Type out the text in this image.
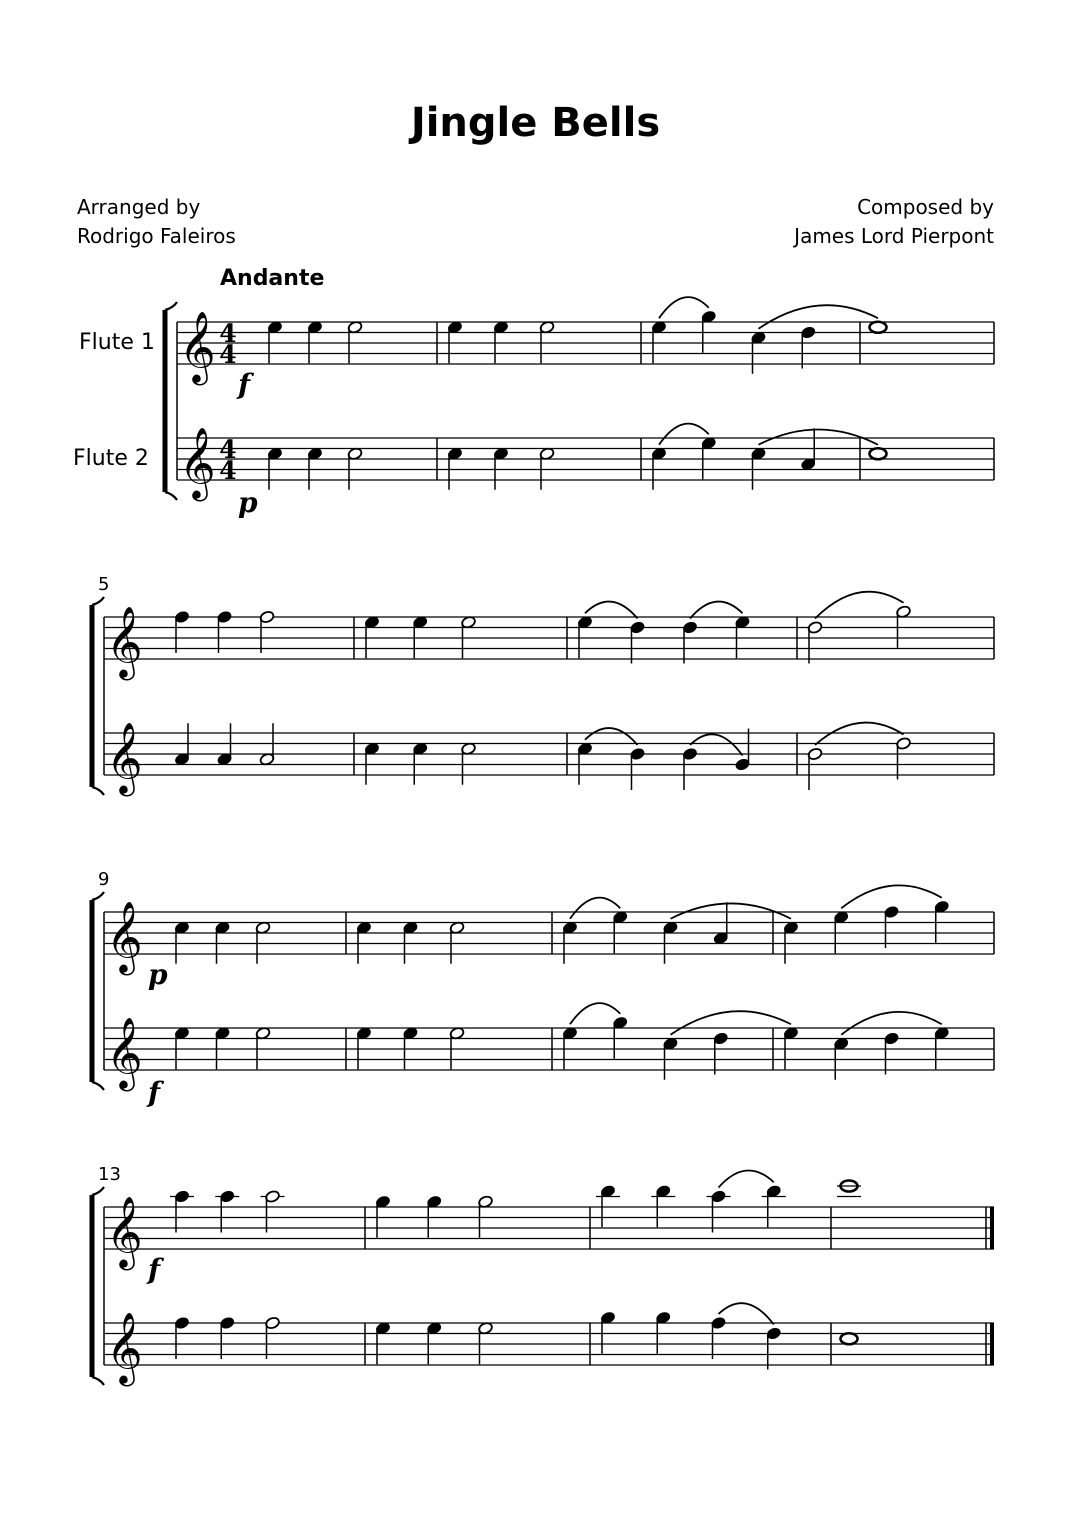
Jingle Bells
Arranged by
Rodrigo Faleiros
Composed by
James Lord Pierpont
Andante
Flute 1
Flute 2
5
9
13
𝄞
𝄞
4
4
4
4
f
p
𝄞
𝄞
𝄞
𝄞
p
f
𝄞
𝄞
f
